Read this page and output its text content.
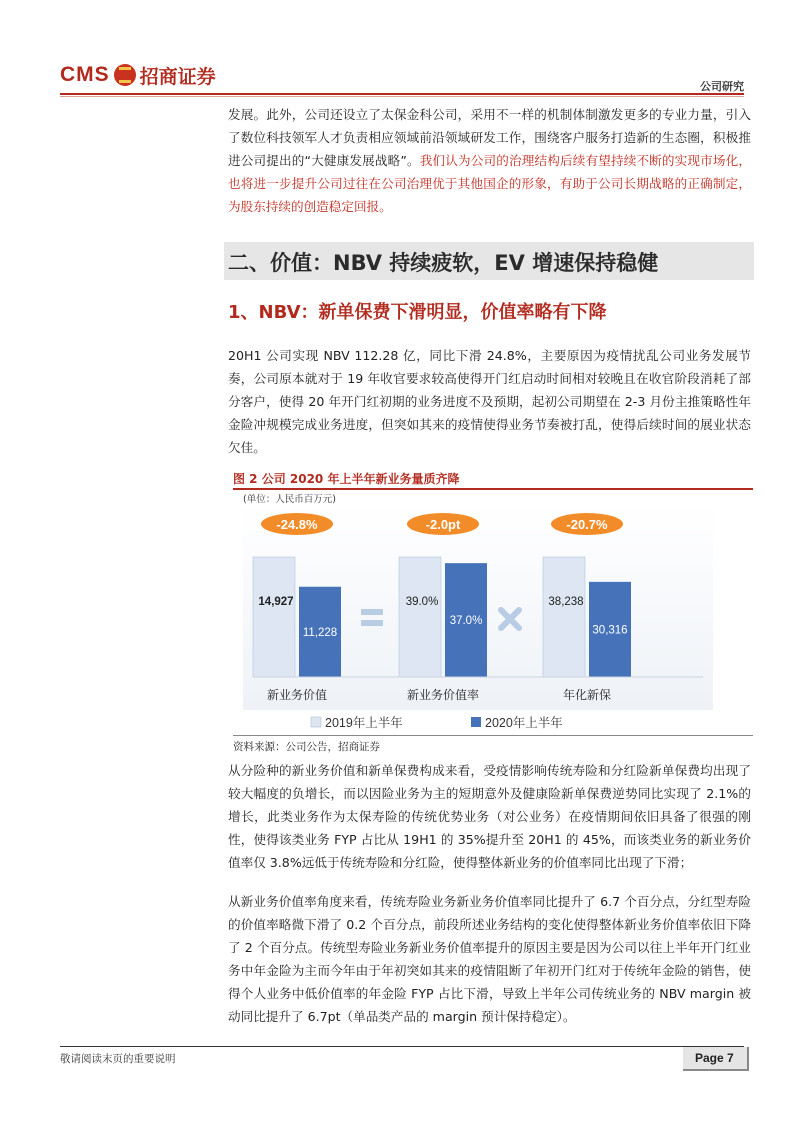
CMS 招商证券	公司研究

发展。此外，公司还设立了太保金科公司，采用不一样的机制体制激发更多的专业力量，引入了数位科技领军人才负责相应领域前沿领域研发工作，围绕客户服务打造新的生态圈，积极推进公司提出的“大健康发展战略”。我们认为公司的治理结构后续有望持续不断的实现市场化，也将进一步提升公司过往在公司治理优于其他国企的形象，有助于公司长期战略的正确制定，为股东持续的创造稳定回报。

二、价值：NBV 持续疲软，EV 增速保持稳健
1、NBV：新单保费下滑明显，价值率略有下降

20H1 公司实现 NBV 112.28 亿，同比下滑 24.8%，主要原因为疫情扰乱公司业务发展节奏，公司原本就对于 19 年收官要求较高使得开门红启动时间相对较晚且在收官阶段消耗了部分客户，使得 20 年开门红初期的业务进度不及预期，起初公司期望在 2-3 月份主推策略性年金险冲规模完成业务进度，但突如其来的疫情使得业务节奏被打乱，使得后续时间的展业状态欠佳。

图 2 公司 2020 年上半年新业务量质齐降
(单位：人民币百万元)
-24.8%
14,927
11,228
新业务价值
-2.0pt
39.0%
37.0%
新业务价值率
-20.7%
38,238
30,316
年化新保
2019年上半年	2020年上半年
资料来源：公司公告，招商证券

从分险种的新业务价值和新单保费构成来看，受疫情影响传统寿险和分红险新单保费均出现了较大幅度的负增长，而以因险业务为主的短期意外及健康险新单保费逆势同比实现了 2.1%的增长，此类业务作为太保寿险的传统优势业务（对公业务）在疫情期间依旧具备了很强的刚性，使得该类业务 FYP 占比从 19H1 的 35%提升至 20H1 的 45%，而该类业务的新业务价值率仅 3.8%远低于传统寿险和分红险，使得整体新业务的价值率同比出现了下滑；

从新业务价值率角度来看，传统寿险业务新业务价值率同比提升了 6.7 个百分点，分红型寿险的价值率略微下滑了 0.2 个百分点，前段所述业务结构的变化使得整体新业务价值率依旧下降了 2 个百分点。传统型寿险业务新业务价值率提升的原因主要是因为公司以往上半年开门红业务中年金险为主而今年由于年初突如其来的疫情阻断了年初开门红对于传统年金险的销售，使得个人业务中低价值率的年金险 FYP 占比下滑，导致上半年公司传统业务的 NBV margin 被动同比提升了 6.7pt（单品类产品的 margin 预计保持稳定）。

敬请阅读末页的重要说明	Page 7
